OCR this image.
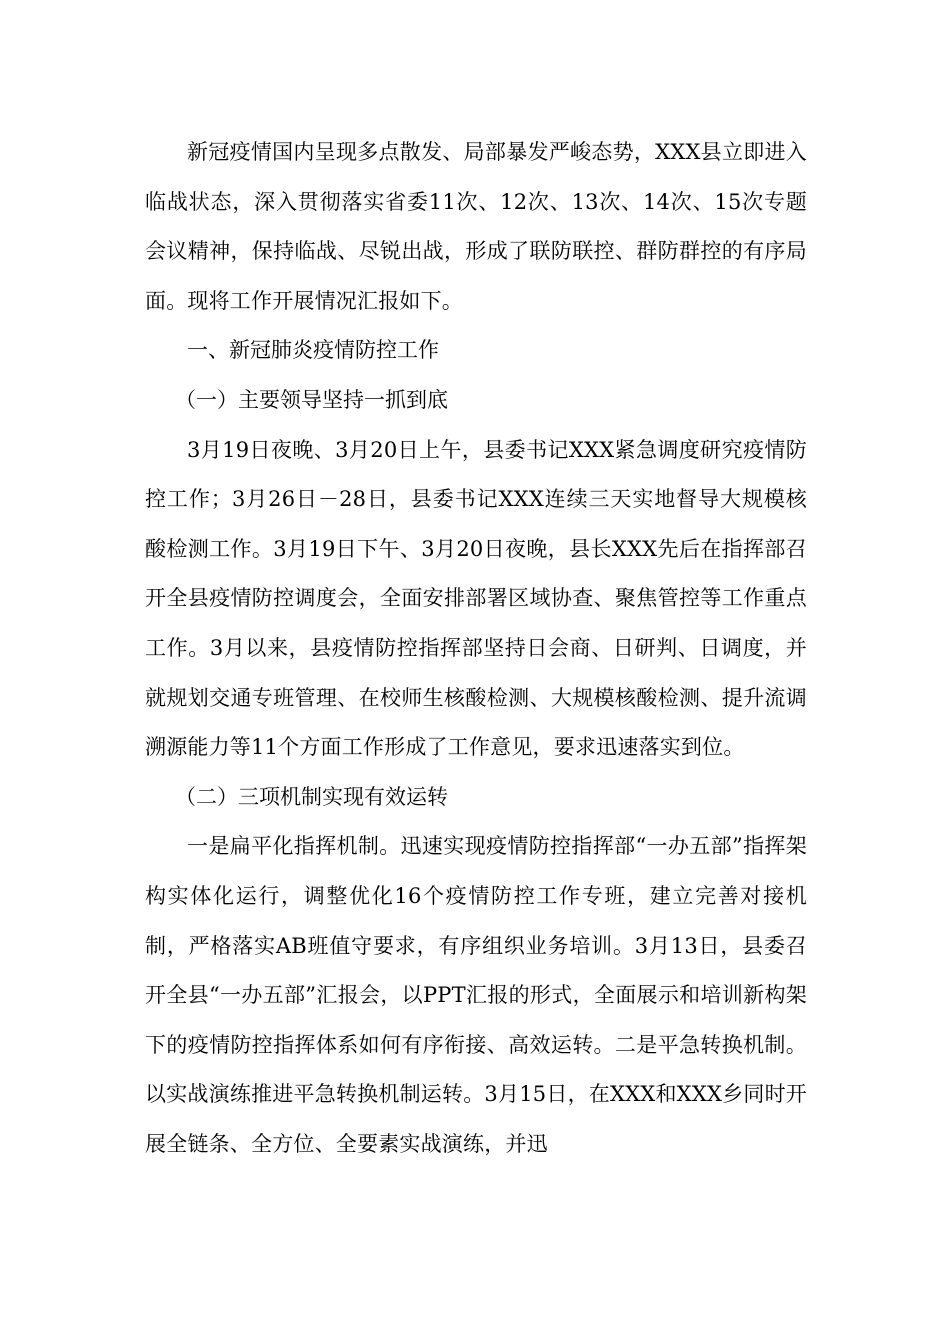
新冠疫情国内呈现多点散发、局部暴发严峻态势，XXX县立即进入临战状态，深入贯彻落实省委11次、12次、13次、14次、15次专题会议精神，保持临战、尽锐出战，形成了联防联控、群防群控的有序局面。现将工作开展情况汇报如下。

一、新冠肺炎疫情防控工作

（一）主要领导坚持一抓到底

3月19日夜晚、3月20日上午，县委书记XXX紧急调度研究疫情防控工作；3月26日－28日，县委书记XXX连续三天实地督导大规模核酸检测工作。3月19日下午、3月20日夜晚，县长XXX先后在指挥部召开全县疫情防控调度会，全面安排部署区域协查、聚焦管控等工作重点工作。3月以来，县疫情防控指挥部坚持日会商、日研判、日调度，并就规划交通专班管理、在校师生核酸检测、大规模核酸检测、提升流调溯源能力等11个方面工作形成了工作意见，要求迅速落实到位。

（二）三项机制实现有效运转

一是扁平化指挥机制。迅速实现疫情防控指挥部“一办五部”指挥架构实体化运行，调整优化16个疫情防控工作专班，建立完善对接机制，严格落实AB班值守要求，有序组织业务培训。3月13日，县委召开全县“一办五部”汇报会，以PPT汇报的形式，全面展示和培训新构架下的疫情防控指挥体系如何有序衔接、高效运转。二是平急转换机制。以实战演练推进平急转换机制运转。3月15日，在XXX和XXX乡同时开展全链条、全方位、全要素实战演练，并迅
